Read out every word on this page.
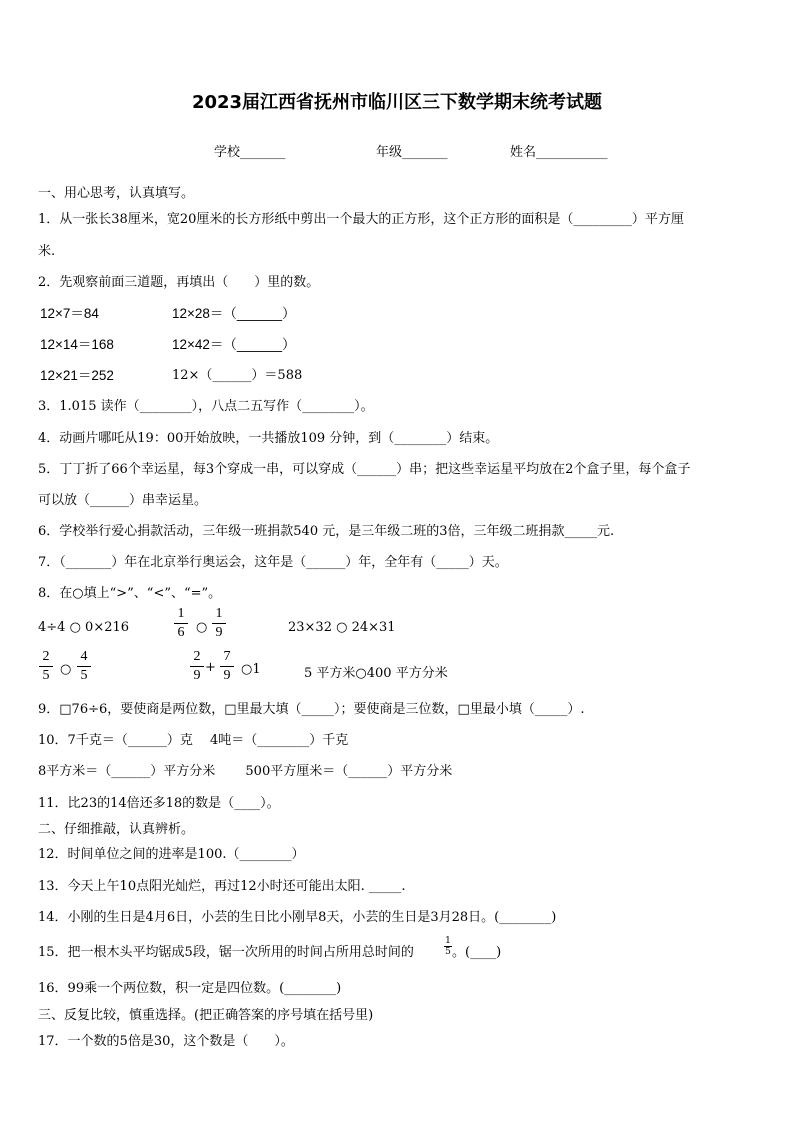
2023届江西省抚州市临川区三下数学期末统考试题
学校_______	年级_______	姓名___________
一、用心思考，认真填写。
1．从一张长38厘米，宽20厘米的长方形纸中剪出一个最大的正方形，这个正方形的面积是（_________）平方厘
米.
2．先观察前面三道题，再填出（　　）里的数。
12×7＝84	12×28＝（______）
12×14＝168	12×42＝（______）
12×21＝252	12×（______）＝588
3．1.015 读作（________），八点二五写作（________）。
4．动画片哪吒从19：00开始放映，一共播放109 分钟，到（________）结束。
5．丁丁折了66个幸运星，每3个穿成一串，可以穿成（______）串；把这些幸运星平均放在2个盒子里，每个盒子
可以放（______）串幸运星。
6．学校举行爱心捐款活动，三年级一班捐款540 元，是三年级二班的3倍，三年级二班捐款_____元.
7．（_______）年在北京举行奥运会，这年是（______）年，全年有（_____）天。
8．在○填上“>”、“<”、“=”。
4÷4 ○ 0×216
1
6 ○
1
9	23×32 ○ 24×31
2
5 ○
4
5
2
9
+
7
9 ○1	5 平方米○400 平方分米
9．□76÷6，要使商是两位数，□里最大填（_____）；要使商是三位数，□里最小填（_____）.
10．7千克＝（______）克　 4吨＝（________）千克
8平方米＝（______）平方分米　　 500平方厘米＝（______）平方分米
11．比23的14倍还多18的数是（____）。
二、仔细推敲，认真辨析。
12．时间单位之间的进率是100.（________）
13．今天上午10点阳光灿烂，再过12小时还可能出太阳. _____.
14．小刚的生日是4月6日，小芸的生日比小刚早8天，小芸的生日是3月28日。(________)
15．把一根木头平均锯成5段，锯一次所用的时间占所用总时间的
1
5 。(____)
16．99乘一个两位数，积一定是四位数。(________)
三、反复比较，慎重选择。(把正确答案的序号填在括号里)
17．一个数的5倍是30，这个数是（　　）。
